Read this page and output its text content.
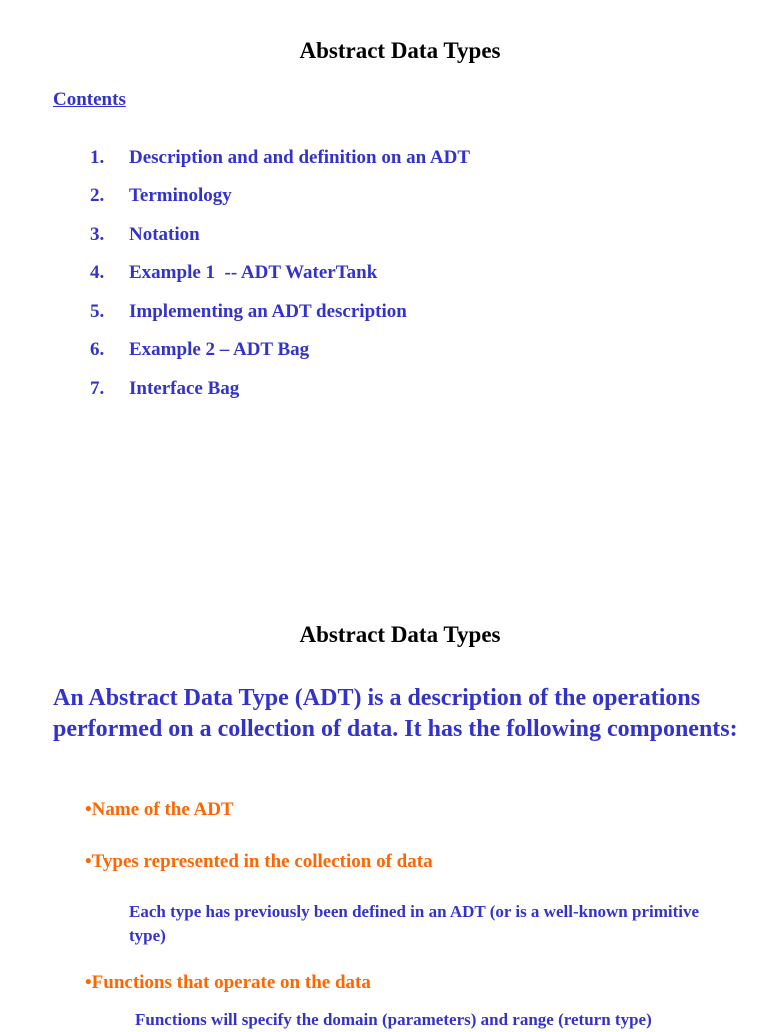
Abstract Data Types
Contents
1. Description and and definition on an ADT
2. Terminology
3. Notation
4. Example 1  -- ADT WaterTank
5. Implementing an ADT description
6. Example 2 – ADT Bag
7. Interface Bag
Abstract Data Types
An Abstract Data Type (ADT) is a description of the operations performed on a collection of data. It has the following components:
•Name of the ADT
•Types represented in the collection of data
Each type has previously been defined in an ADT (or is a well-known primitive type)
•Functions that operate on the data
Functions will specify the domain (parameters) and range (return type)
